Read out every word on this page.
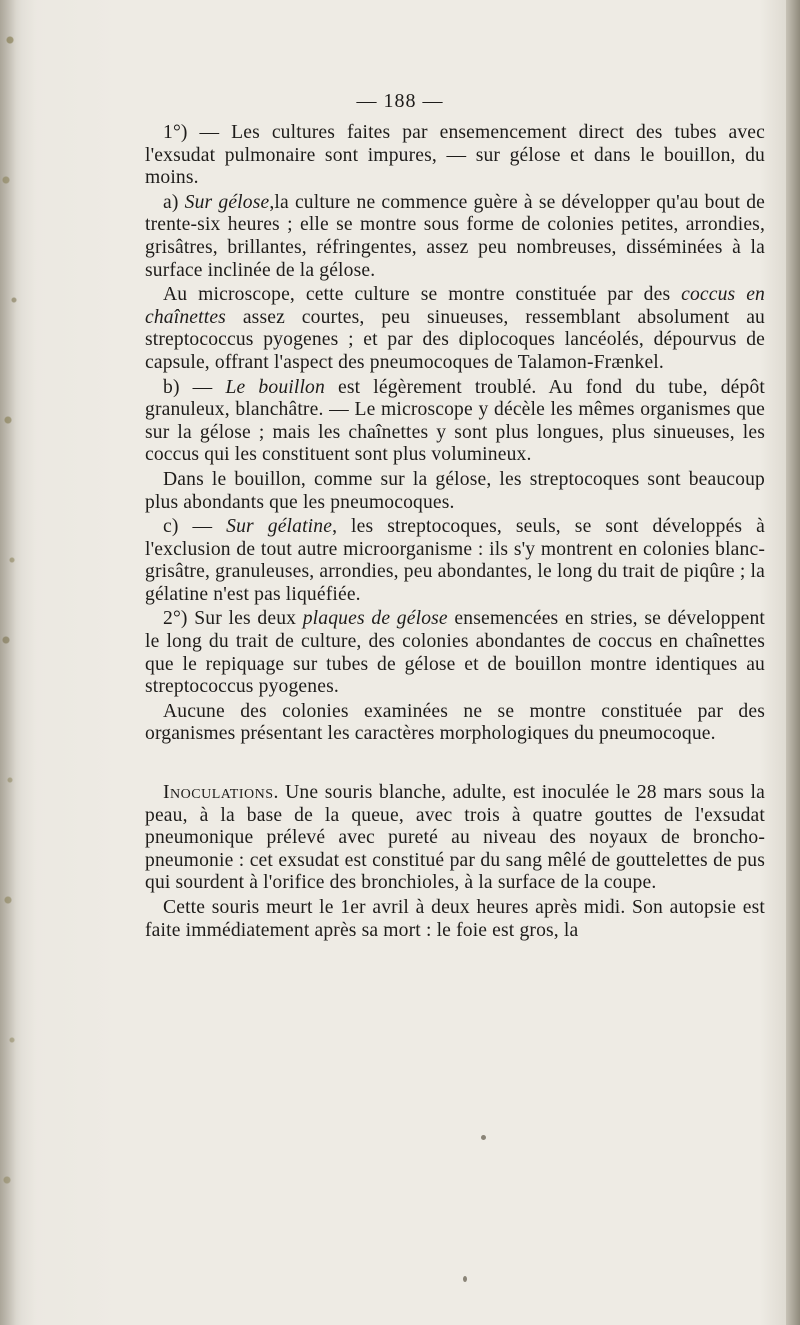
— 188 —

1°) — Les cultures faites par ensemencement direct des tubes avec l'exsudat pulmonaire sont impures, — sur gélose et dans le bouillon, du moins.

a) Sur gélose,la culture ne commence guère à se développer qu'au bout de trente-six heures ; elle se montre sous forme de colonies petites, arrondies, grisâtres, brillantes, réfringentes, assez peu nombreuses, disséminées à la surface inclinée de la gélose.

Au microscope, cette culture se montre constituée par des coccus en chaînettes assez courtes, peu sinueuses, ressemblant absolument au streptococcus pyogenes ; et par des diplocoques lancéolés, dépourvus de capsule, offrant l'aspect des pneumocoques de Talamon-Frænkel.

b) — Le bouillon est légèrement troublé. Au fond du tube, dépôt granuleux, blanchâtre. — Le microscope y décèle les mêmes organismes que sur la gélose ; mais les chaînettes y sont plus longues, plus sinueuses, les coccus qui les constituent sont plus volumineux.

Dans le bouillon, comme sur la gélose, les streptocoques sont beaucoup plus abondants que les pneumocoques.

c) — Sur gélatine, les streptocoques, seuls, se sont développés à l'exclusion de tout autre microorganisme : ils s'y montrent en colonies blanc-grisâtre, granuleuses, arrondies, peu abondantes, le long du trait de piqûre ; la gélatine n'est pas liquéfiée.

2°) Sur les deux plaques de gélose ensemencées en stries, se développent le long du trait de culture, des colonies abondantes de coccus en chaînettes que le repiquage sur tubes de gélose et de bouillon montre identiques au streptococcus pyogenes.

Aucune des colonies examinées ne se montre constituée par des organismes présentant les caractères morphologiques du pneumocoque.

Inoculations. Une souris blanche, adulte, est inoculée le 28 mars sous la peau, à la base de la queue, avec trois à quatre gouttes de l'exsudat pneumonique prélevé avec pureté au niveau des noyaux de broncho-pneumonie : cet exsudat est constitué par du sang mêlé de gouttelettes de pus qui sourdent à l'orifice des bronchioles, à la surface de la coupe.

Cette souris meurt le 1er avril à deux heures après midi. Son autopsie est faite immédiatement après sa mort : le foie est gros, la
